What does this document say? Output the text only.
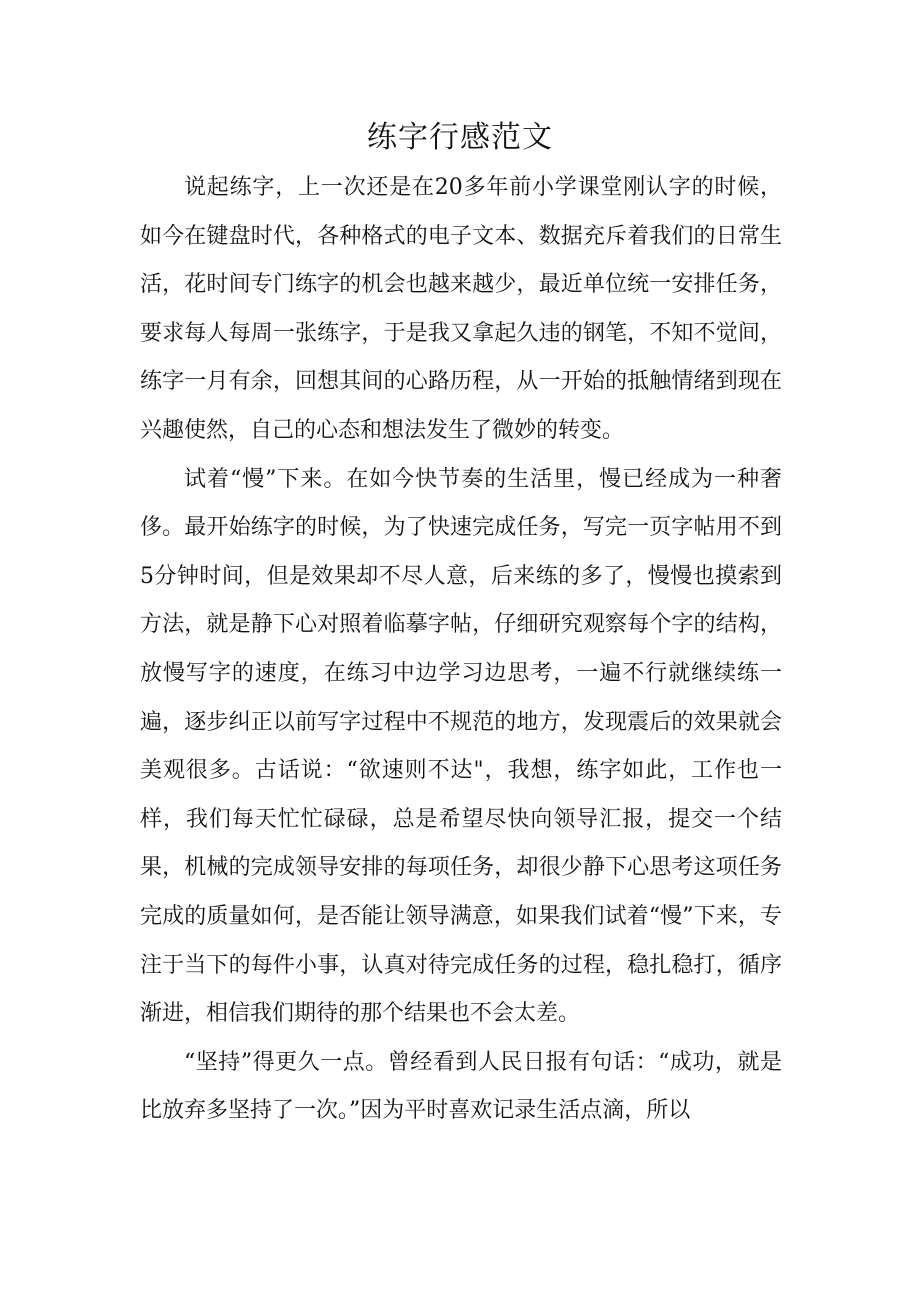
练字行感范文

说起练字，上一次还是在20多年前小学课堂刚认字的时候，如今在键盘时代，各种格式的电子文本、数据充斥着我们的日常生活，花时间专门练字的机会也越来越少，最近单位统一安排任务，要求每人每周一张练字，于是我又拿起久违的钢笔，不知不觉间，练字一月有余，回想其间的心路历程，从一开始的抵触情绪到现在兴趣使然，自己的心态和想法发生了微妙的转变。

试着“慢”下来。在如今快节奏的生活里，慢已经成为一种奢侈。最开始练字的时候，为了快速完成任务，写完一页字帖用不到5分钟时间，但是效果却不尽人意，后来练的多了，慢慢也摸索到方法，就是静下心对照着临摹字帖，仔细研究观察每个字的结构，放慢写字的速度，在练习中边学习边思考，一遍不行就继续练一遍，逐步纠正以前写字过程中不规范的地方，发现震后的效果就会美观很多。古话说：“欲速则不达"，我想，练字如此，工作也一样，我们每天忙忙碌碌，总是希望尽快向领导汇报，提交一个结果，机械的完成领导安排的每项任务，却很少静下心思考这项任务完成的质量如何，是否能让领导满意，如果我们试着“慢”下来，专注于当下的每件小事，认真对待完成任务的过程，稳扎稳打，循序渐进，相信我们期待的那个结果也不会太差。

“坚持”得更久一点。曾经看到人民日报有句话：“成功，就是比放弃多坚持了一次。”因为平时喜欢记录生活点滴，所以
